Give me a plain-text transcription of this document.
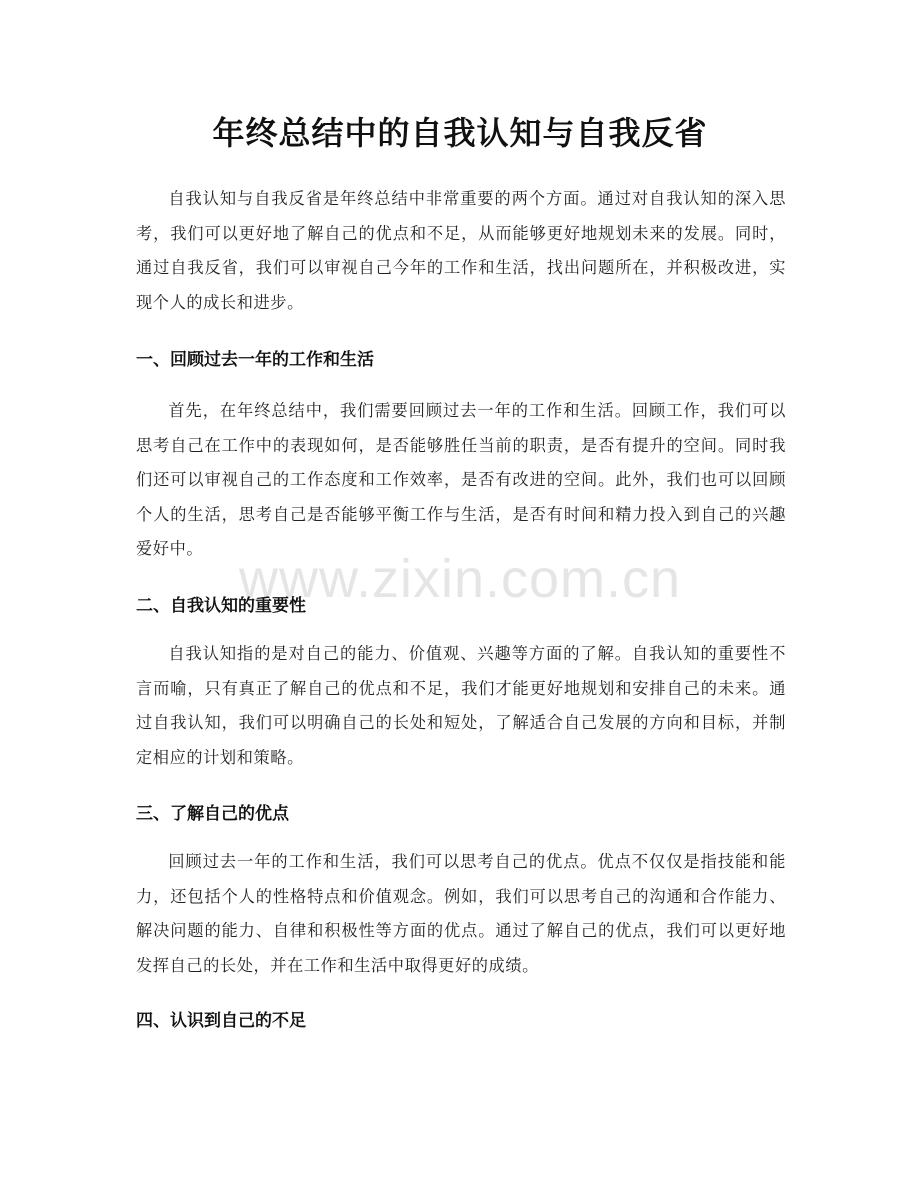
年终总结中的自我认知与自我反省

自我认知与自我反省是年终总结中非常重要的两个方面。通过对自我认知的深入思考，我们可以更好地了解自己的优点和不足，从而能够更好地规划未来的发展。同时，通过自我反省，我们可以审视自己今年的工作和生活，找出问题所在，并积极改进，实现个人的成长和进步。

一、回顾过去一年的工作和生活

首先，在年终总结中，我们需要回顾过去一年的工作和生活。回顾工作，我们可以思考自己在工作中的表现如何，是否能够胜任当前的职责，是否有提升的空间。同时我们还可以审视自己的工作态度和工作效率，是否有改进的空间。此外，我们也可以回顾个人的生活，思考自己是否能够平衡工作与生活，是否有时间和精力投入到自己的兴趣爱好中。

二、自我认知的重要性

自我认知指的是对自己的能力、价值观、兴趣等方面的了解。自我认知的重要性不言而喻，只有真正了解自己的优点和不足，我们才能更好地规划和安排自己的未来。通过自我认知，我们可以明确自己的长处和短处，了解适合自己发展的方向和目标，并制定相应的计划和策略。

三、了解自己的优点

回顾过去一年的工作和生活，我们可以思考自己的优点。优点不仅仅是指技能和能力，还包括个人的性格特点和价值观念。例如，我们可以思考自己的沟通和合作能力、解决问题的能力、自律和积极性等方面的优点。通过了解自己的优点，我们可以更好地发挥自己的长处，并在工作和生活中取得更好的成绩。

四、认识到自己的不足
www.zixin.com.cn
